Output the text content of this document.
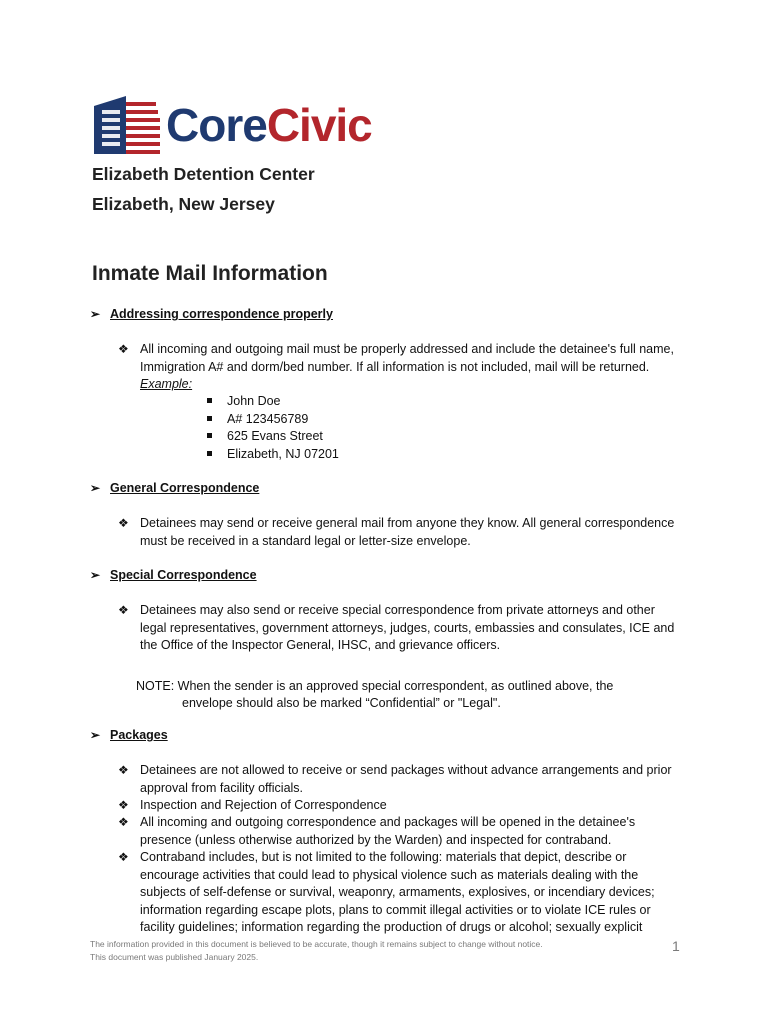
CoreCivic
Elizabeth Detention Center
Elizabeth, New Jersey
Inmate Mail Information
➢ Addressing correspondence properly
❖ All incoming and outgoing mail must be properly addressed and include the detainee's full name,
Immigration A# and dorm/bed number. If all information is not included, mail will be returned.
Example:
John Doe
A# 123456789
625 Evans Street
Elizabeth, NJ 07201
➢ General Correspondence
❖ Detainees may send or receive general mail from anyone they know. All general correspondence
must be received in a standard legal or letter-size envelope.
➢ Special Correspondence
❖ Detainees may also send or receive special correspondence from private attorneys and other
legal representatives, government attorneys, judges, courts, embassies and consulates, ICE and
the Office of the Inspector General, IHSC, and grievance officers.
NOTE: When the sender is an approved special correspondent, as outlined above, the
envelope should also be marked “Confidential” or "Legal".
➢ Packages
❖ Detainees are not allowed to receive or send packages without advance arrangements and prior
approval from facility officials.
❖ Inspection and Rejection of Correspondence
❖ All incoming and outgoing correspondence and packages will be opened in the detainee's
presence (unless otherwise authorized by the Warden) and inspected for contraband.
❖ Contraband includes, but is not limited to the following: materials that depict, describe or
encourage activities that could lead to physical violence such as materials dealing with the
subjects of self-defense or survival, weaponry, armaments, explosives, or incendiary devices;
information regarding escape plots, plans to commit illegal activities or to violate ICE rules or
facility guidelines; information regarding the production of drugs or alcohol; sexually explicit
The information provided in this document is believed to be accurate, though it remains subject to change without notice.
This document was published January 2025.
1
